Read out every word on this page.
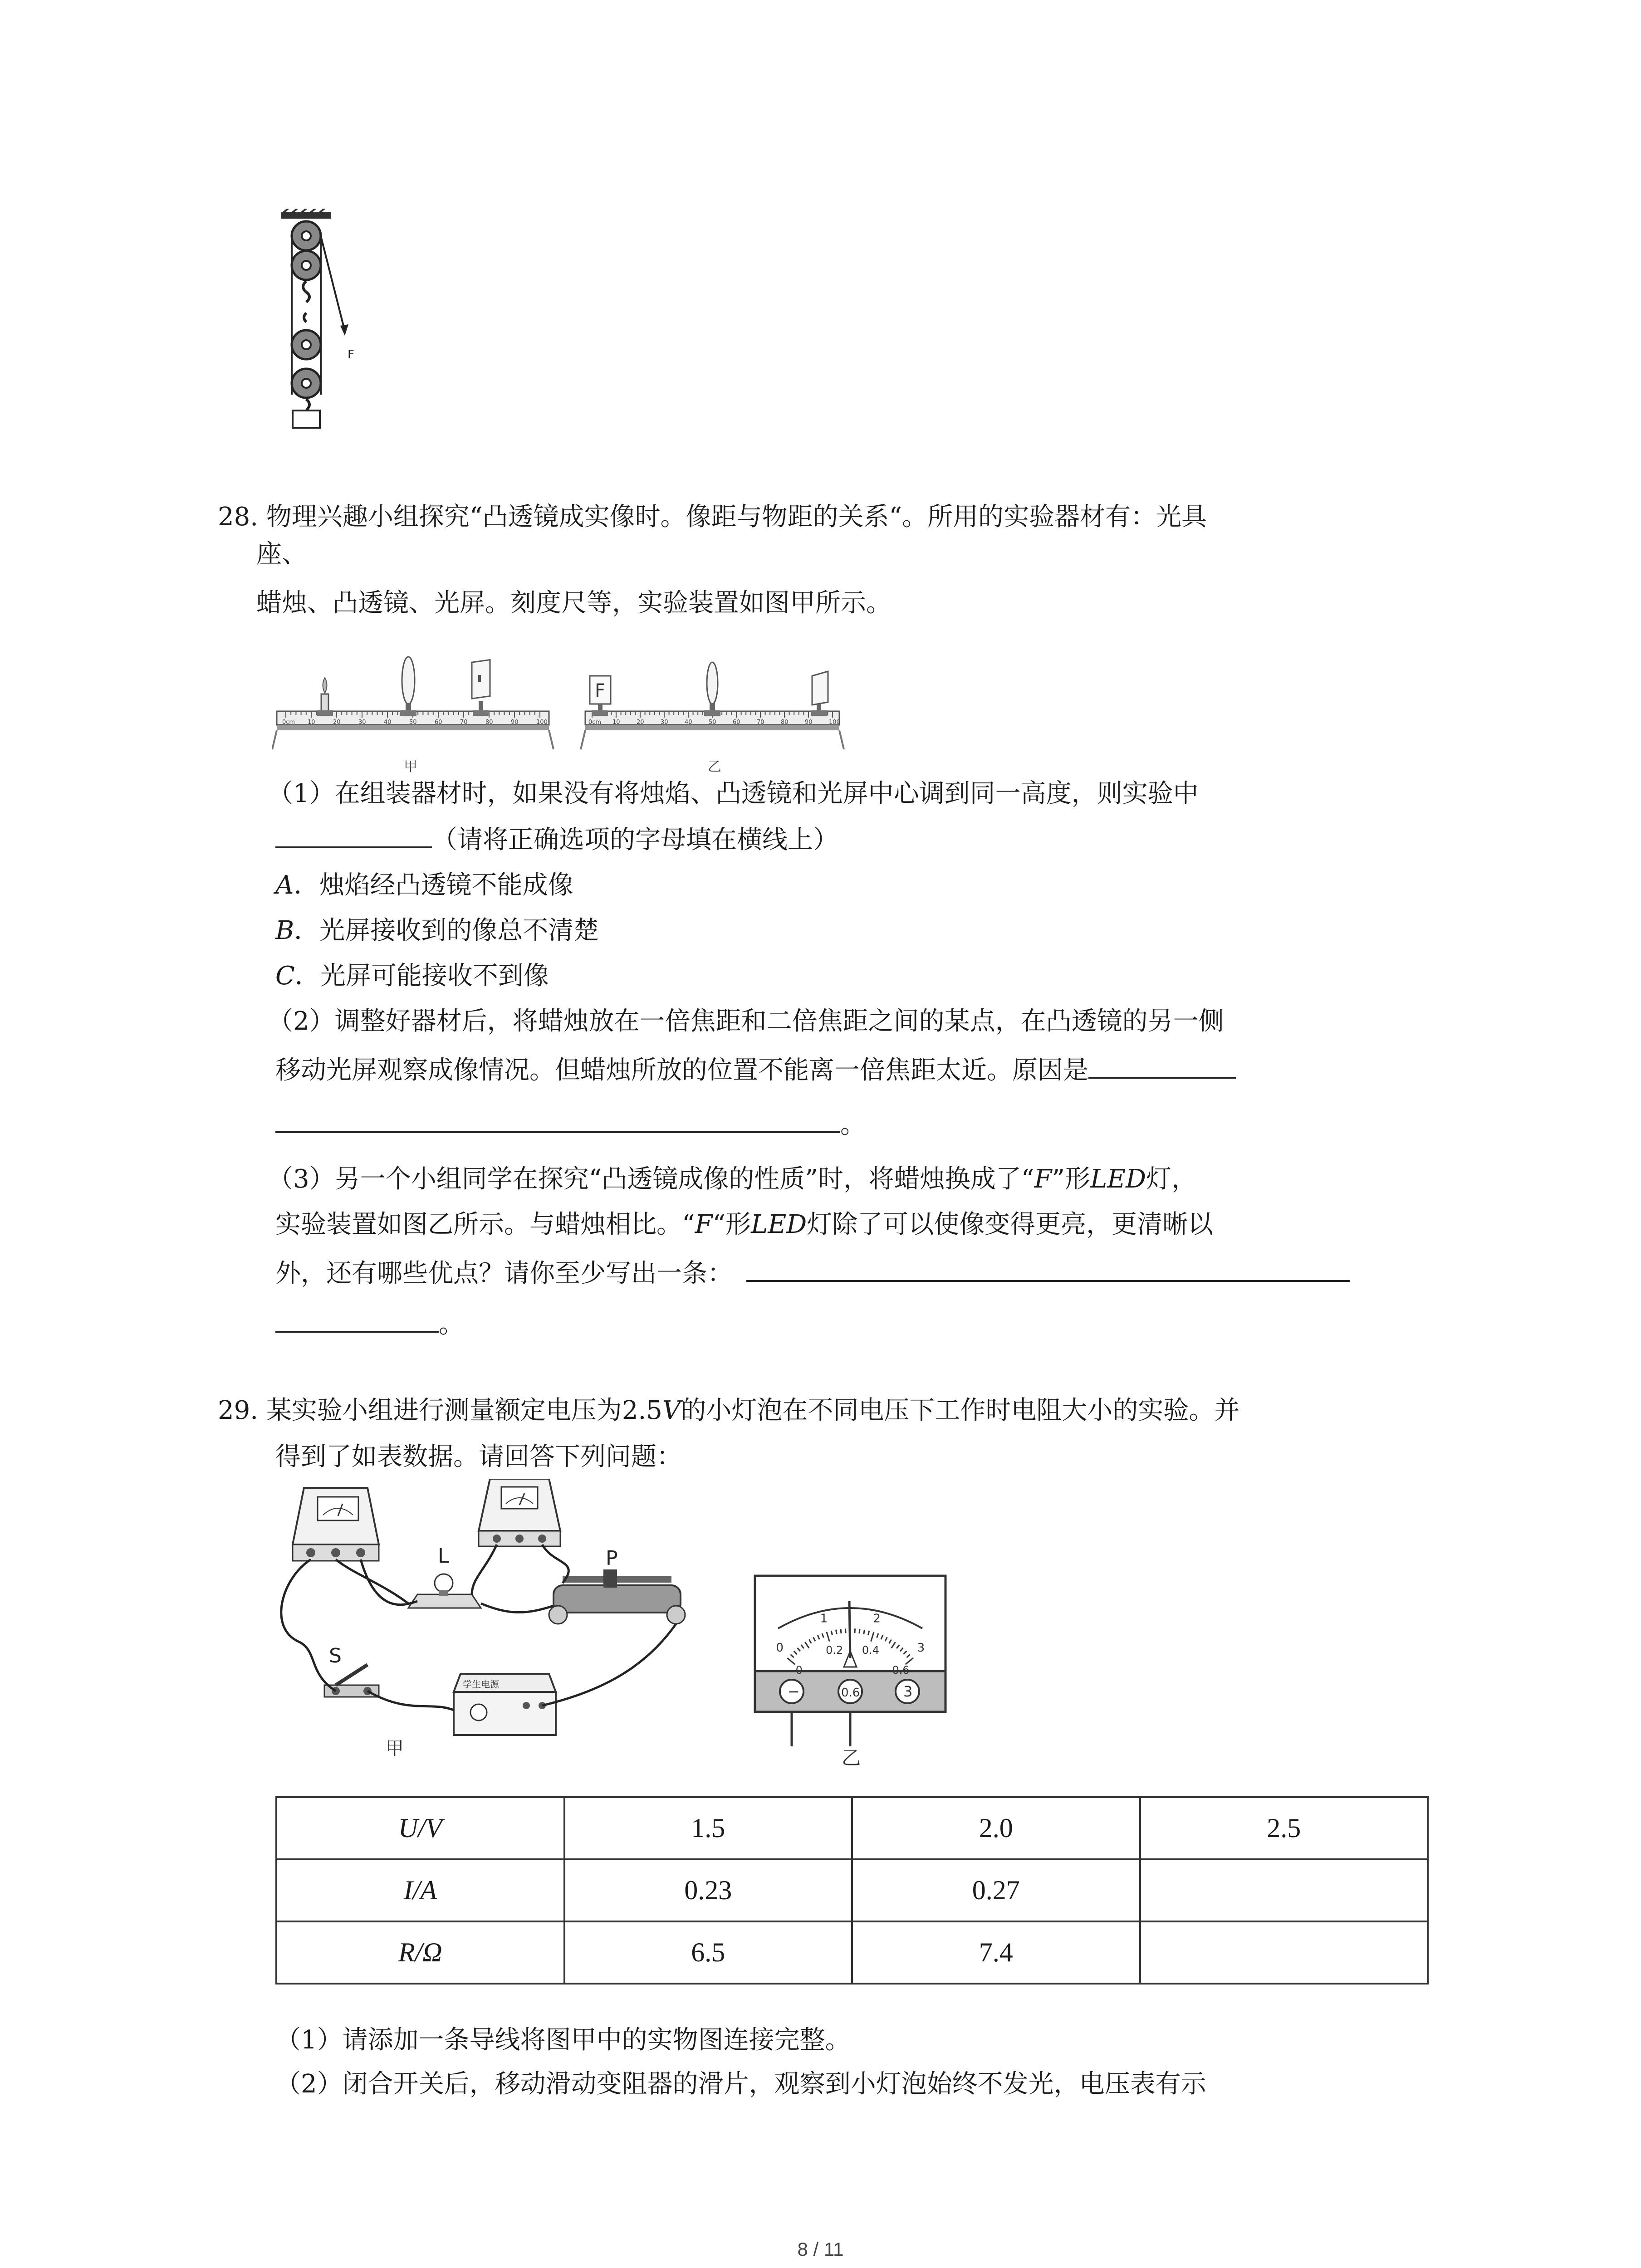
F
28. 物理兴趣小组探究“凸透镜成实像时。像距与物距的关系“。所用的实验器材有：光具
座、
蜡烛、凸透镜、光屏。刻度尺等，实验装置如图甲所示。
0cm 10	20	30	40	50	60	70	80	90	100	0cm 10	20	30	40	50	60	70	80	90	100
F
甲	乙
（1）在组装器材时，如果没有将烛焰、凸透镜和光屏中心调到同一高度，则实验中
（请将正确选项的字母填在横线上）
A．烛焰经凸透镜不能成像
B．光屏接收到的像总不清楚
C．光屏可能接收不到像
（2）调整好器材后，将蜡烛放在一倍焦距和二倍焦距之间的某点，在凸透镜的另一侧
移动光屏观察成像情况。但蜡烛所放的位置不能离一倍焦距太近。原因是
。
（3）另一个小组同学在探究“凸透镜成像的性质”时，将蜡烛换成了“F”形LED灯，
实验装置如图乙所示。与蜡烛相比。“F“形LED灯除了可以使像变得更亮，更清晰以
外，还有哪些优点？请你至少写出一条：
。
29. 某实验小组进行测量额定电压为2.5V的小灯泡在不同电压下工作时电阻大小的实验。并
得到了如表数据。请回答下列问题：
L	P
S
学生电源
甲
0
1	2
3
0
0.2 0.4
0.6
−	0.6	3
乙
U/V	1.5	2.0	2.5
I/A	0.23	0.27	
R/Ω	6.5	7.4	
（1）请添加一条导线将图甲中的实物图连接完整。
（2）闭合开关后，移动滑动变阻器的滑片，观察到小灯泡始终不发光，电压表有示
8 / 11
